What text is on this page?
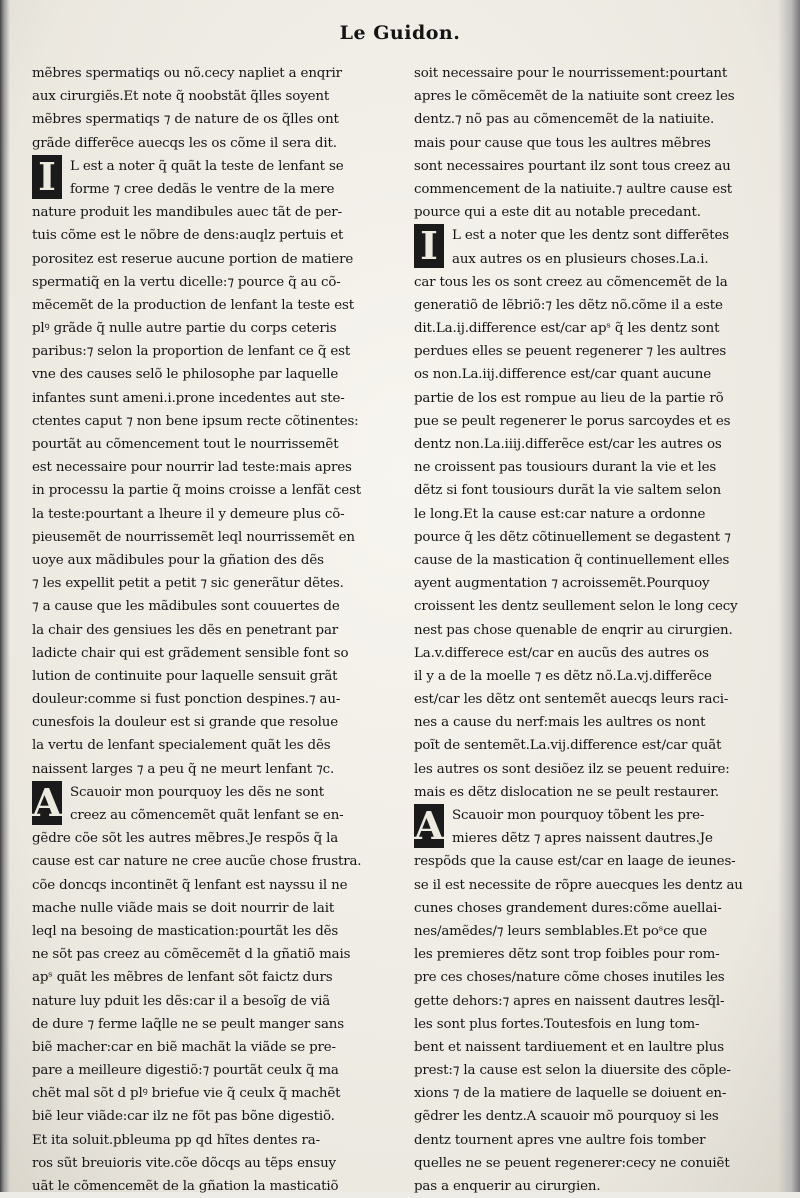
Le Guidon.
mẽbres spermatiqs ou nõ.cecy napliet a enqrir
aux cirurgiẽs.Et note q̃ noobstãt q̃lles soyent
mẽbres spermatiqs ⁊ de nature de os q̃lles ont
grãde differẽce auecqs les os cõme il sera dit.
I	L est a noter q̃ quãt la teste de lenfant se
forme ⁊ cree dedãs le ventre de la mere
nature produit les mandibules auec tãt de per-
tuis cõme est le nõbre de dens:auqlz pertuis et
porositez est reserue aucune portion de matiere
spermatiq̃ en la vertu dicelle:⁊ pource q̃ au cõ-
mẽcemẽt de la production de lenfant la teste est
plꝰ grãde q̃ nulle autre partie du corps ceteris
paribus:⁊ selon la proportion de lenfant ce q̃ est
vne des causes selõ le philosophe par laquelle
infantes sunt ameni.i.prone incedentes aut ste-
ctentes caput ⁊ non bene ipsum recte cõtinentes:
pourtãt au cõmencement tout le nourrissemẽt
est necessaire pour nourrir lad teste:mais apres
in processu la partie q̃ moins croisse a lenfãt cest
la teste:pourtant a lheure il y demeure plus cõ-
pieusemẽt de nourrissemẽt leql nourrissemẽt en
uoye aux mãdibules pour la gñation des dẽs
⁊ les expellit petit a petit ⁊ sic generãtur dẽtes.
⁊ a cause que les mãdibules sont couuertes de
la chair des gensiues les dẽs en penetrant par
ladicte chair qui est grãdement sensible font so
lution de continuite pour laquelle sensuit grãt
douleur:comme si fust ponction despines.⁊ au-
cunesfois la douleur est si grande que resolue
la vertu de lenfant specialement quãt les dẽs
naissent larges ⁊ a peu q̃ ne meurt lenfant ⁊c.
A Scauoir mon pourquoy les dẽs ne sont
creez au cõmencemẽt quãt lenfant se en-
gẽdre cõe sõt les autres mẽbres.Je respõs q̃ la
cause est car nature ne cree aucũe chose frustra.
cõe doncqs incontinẽt q̃ lenfant est nayssu il ne
mache nulle viãde mais se doit nourrir de lait
leql na besoing de mastication:pourtãt les dẽs
ne sõt pas creez au cõmẽcemẽt d la gñatiõ mais
apˢ quãt les mẽbres de lenfant sõt faictz durs
nature luy pduit les dẽs:car il a besoĩg de viã
de dure ⁊ ferme laq̃lle ne se peult manger sans
biẽ macher:car en biẽ machãt la viãde se pre-
pare a meilleure digestiõ:⁊ pourtãt ceulx q̃ ma
chẽt mal sõt d plꝰ briefue vie q̃ ceulx q̃ machẽt
biẽ leur viãde:car ilz ne fõt pas bõne digestiõ.
Et ita soluit.pbleuma pp qd hĩtes dentes ra-
ros sũt breuioris vite.cõe dõcqs au tẽps ensuy
uãt le cõmencemẽt de la gñation la masticatiõ
soit necessaire pour le nourrissement:pourtant
apres le cõmẽcemẽt de la natiuite sont creez les
dentz.⁊ nõ pas au cõmencemẽt de la natiuite.
mais pour cause que tous les aultres mẽbres
sont necessaires pourtant ilz sont tous creez au
commencement de la natiuite.⁊ aultre cause est
pource qui a este dit au notable precedant.
I	L est a noter que les dentz sont differẽtes
aux autres os en plusieurs choses.La.i.
car tous les os sont creez au cõmencemẽt de la
generatiõ de lẽbriõ:⁊ les dẽtz nõ.cõme il a este
dit.La.ij.difference est/car apˢ q̃ les dentz sont
perdues elles se peuent regenerer ⁊ les aultres
os non.La.iij.difference est/car quant aucune
partie de los est rompue au lieu de la partie rõ
pue se peult regenerer le porus sarcoydes et es
dentz non.La.iiij.differẽce est/car les autres os
ne croissent pas tousiours durant la vie et les
dẽtz si font tousiours durãt la vie saltem selon
le long.Et la cause est:car nature a ordonne
pource q̃ les dẽtz cõtinuellement se degastent ⁊
cause de la mastication q̃ continuellement elles
ayent augmentation ⁊ acroissemẽt.Pourquoy
croissent les dentz seullement selon le long cecy
nest pas chose quenable de enqrir au cirurgien.
La.v.differece est/car en aucũs des autres os
il y a de la moelle ⁊ es dẽtz nõ.La.vj.differẽce
est/car les dẽtz ont sentemẽt auecqs leurs raci-
nes a cause du nerf:mais les aultres os nont
poĩt de sentemẽt.La.vij.difference est/car quãt
les autres os sont desiõez ilz se peuent reduire:
mais es dẽtz dislocation ne se peult restaurer.
A Scauoir mon pourquoy tõbent les pre-
mieres dẽtz ⁊ apres naissent dautres.Je
respõds que la cause est/car en laage de ieunes-
se il est necessite de rõpre auecques les dentz au
cunes choses grandement dures:cõme auellai-
nes/amẽdes/⁊ leurs semblables.Et poˢce que
les premieres dẽtz sont trop foibles pour rom-
pre ces choses/nature cõme choses inutiles les
gette dehors:⁊ apres en naissent dautres lesq̃l-
les sont plus fortes.Toutesfois en lung tom-
bent et naissent tardiuement et en laultre plus
prest:⁊ la cause est selon la diuersite des cõple-
xions ⁊ de la matiere de laquelle se doiuent en-
gẽdrer les dentz.A scauoir mõ pourquoy si les
dentz tournent apres vne aultre fois tomber
quelles ne se peuent regenerer:cecy ne conuiẽt
pas a enquerir au cirurgien.
